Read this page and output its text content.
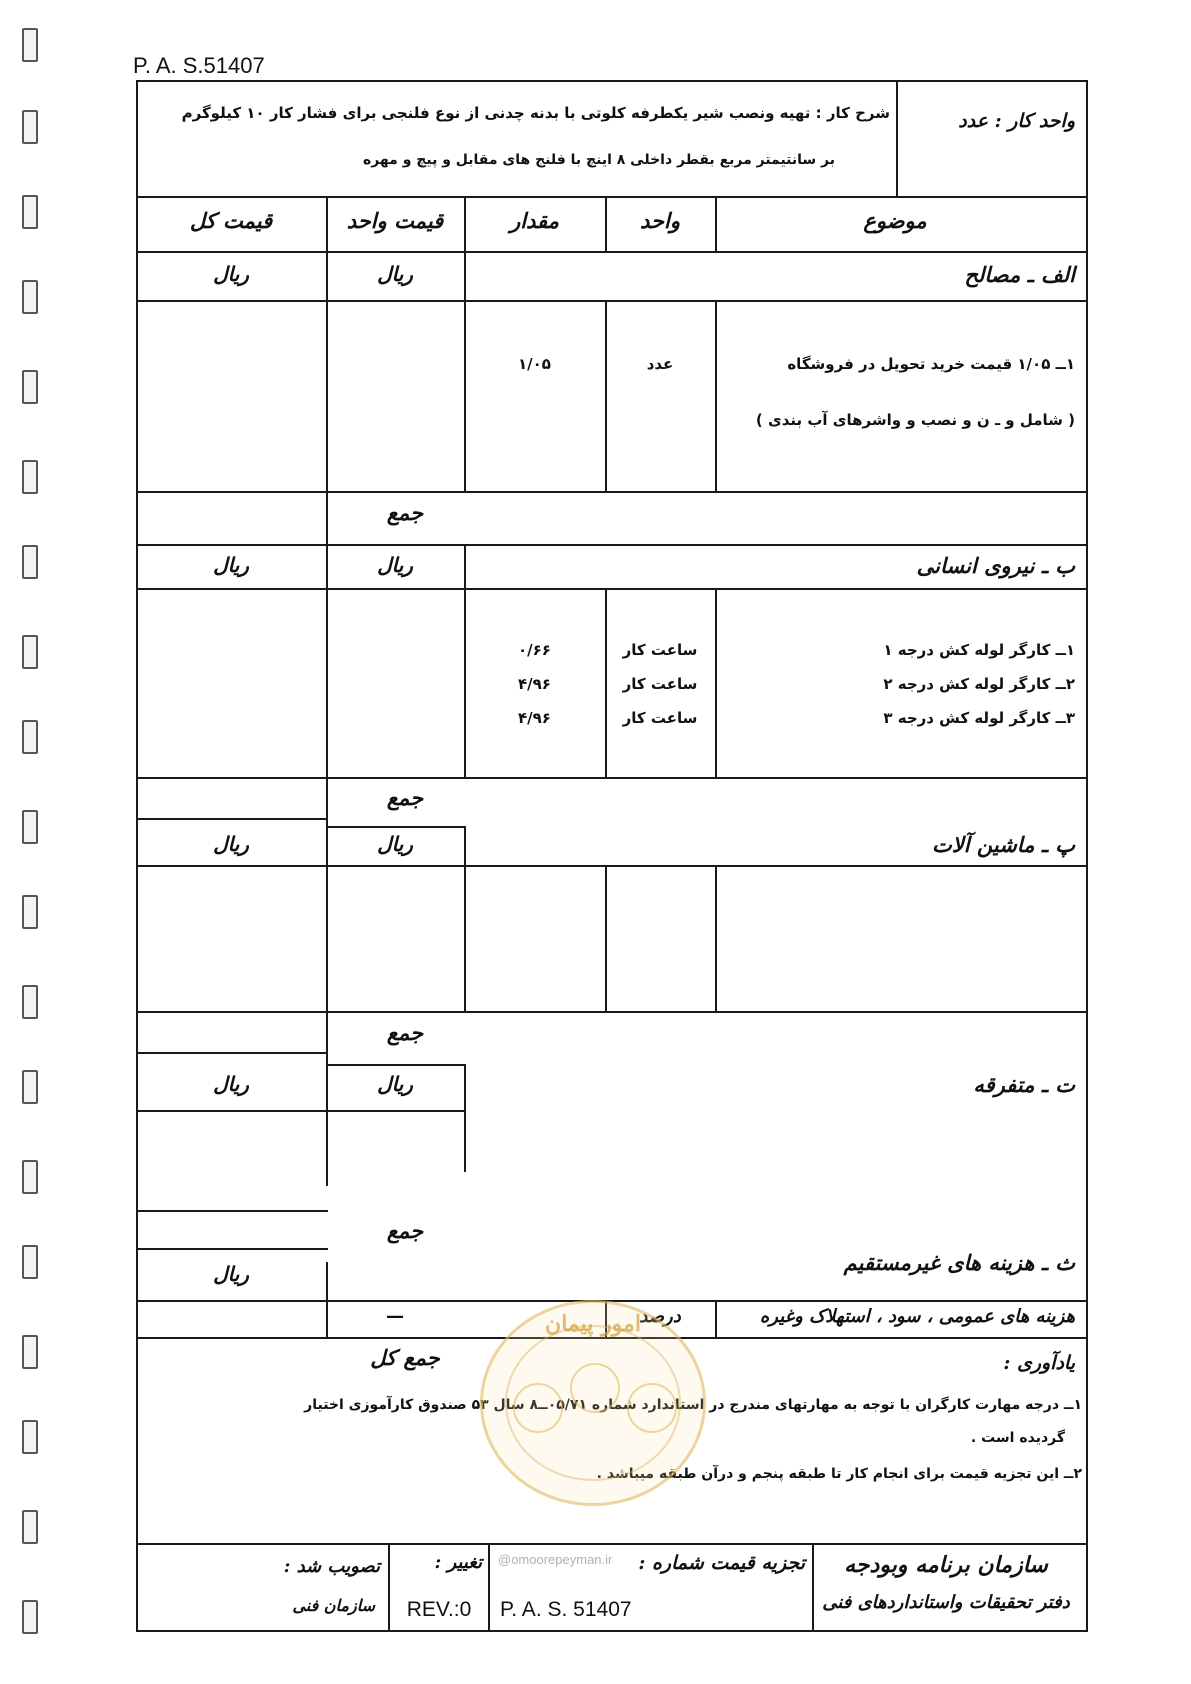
P. A. S.51407
واحد کار : عدد
شرح کار : تهیه ونصب شیر یکطرفه کلوتی با بدنه چدنی از نوع فلنجی برای فشار کار ۱۰ کیلوگرم
بر سانتیمتر مربع بقطر داخلی ۸ اینچ با فلنج های مقابل و پیچ و مهره
موضوع
واحد
مقدار
قیمت واحد
قیمت کل
الف ـ مصالح
ریال
ریال
۱ــ ۱/۰۵ قیمت خرید تحویل در فروشگاه
( شامل و ـ ن و نصب و واشرهای آب بندی )
عدد
۱/۰۵
جمع
ب ـ نیروی انسانی
ریال
ریال
۱ــ کارگر لوله کش درجه ۱
ساعت کار
۰/۶۶
۲ــ کارگر لوله کش درجه ۲
ساعت کار
۴/۹۶
۳ــ کارگر لوله کش درجه ۳
ساعت کار
۴/۹۶
جمع
پ ـ ماشین آلات
ریال
ریال
جمع
ت ـ متفرقه
ریال
ریال
جمع
ث ـ هزینه های غیرمستقیم
ریال
هزینه های عمومی ، سود ، استهلاک وغیره
درصد
—
جمع کل	یادآوری :
۱ــ درجه مهارت کارگران با توجه به مهارتهای مندرج در استاندارد شماره ۰۵/۷۱ــ۸ سال ۵۳ صندوق کارآموزی اختیار
گردیده است .
۲ــ این تجزیه قیمت برای انجام کار تا طبقه پنجم و درآن طبقه میباشد .
امور پیمان
سازمان برنامه وبودجه
دفتر تحقیقات واستانداردهای فنی
تجزیه قیمت شماره :
P. A. S. 51407
@omoorepeyman.ir
تغییر :
REV.:0
تصویب شد :
سازمان فنی
